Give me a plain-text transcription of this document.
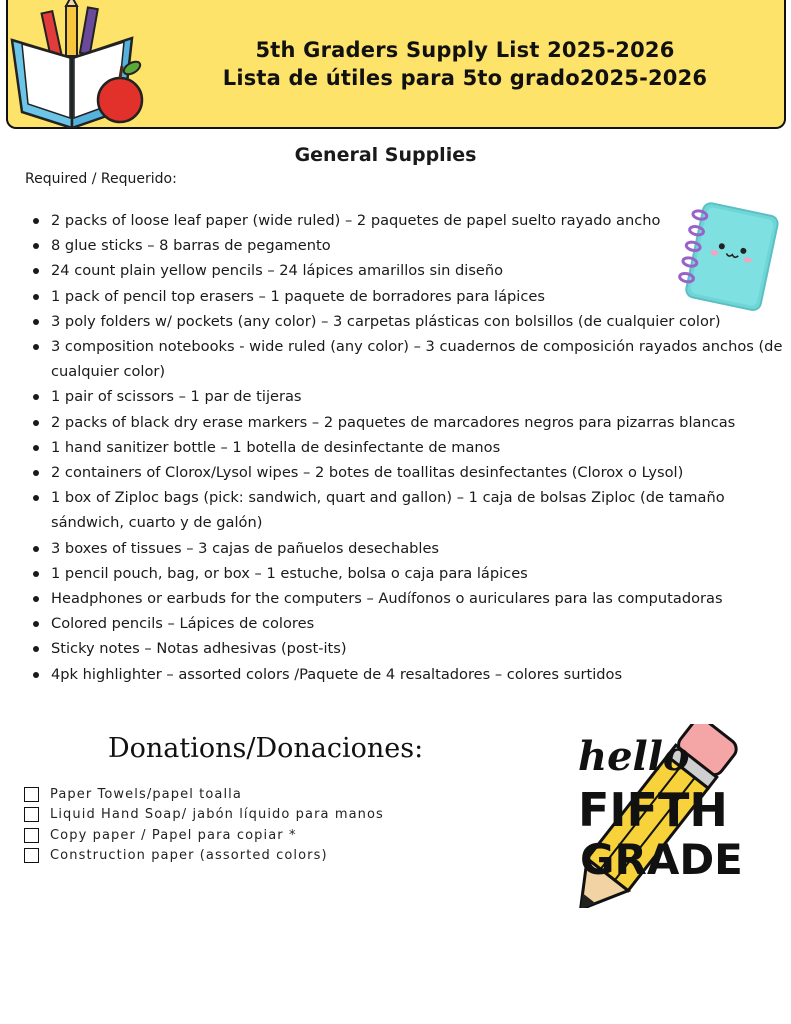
5th Graders Supply List 2025-2026
Lista de útiles para 5to grado2025-2026
General Supplies
Required / Requerido:
2 packs of loose leaf paper (wide ruled) – 2 paquetes de papel suelto rayado ancho
8 glue sticks – 8 barras de pegamento
24 count plain yellow pencils – 24 lápices amarillos sin diseño
1 pack of pencil top erasers – 1 paquete de borradores para lápices
3 poly folders w/ pockets (any color) – 3 carpetas plásticas con bolsillos (de cualquier color)
3 composition notebooks - wide ruled (any color) – 3 cuadernos de composición rayados anchos (de cualquier color)
1 pair of scissors – 1 par de tijeras
2 packs of black dry erase markers – 2 paquetes de marcadores negros para pizarras blancas
1 hand sanitizer bottle – 1 botella de desinfectante de manos
2 containers of Clorox/Lysol wipes – 2 botes de toallitas desinfectantes (Clorox o Lysol)
1 box of Ziploc bags (pick: sandwich, quart and gallon) – 1 caja de bolsas Ziploc (de tamaño sándwich, cuarto y de galón)
3 boxes of tissues – 3 cajas de pañuelos desechables
1 pencil pouch, bag, or box – 1 estuche, bolsa o caja para lápices
Headphones or earbuds for the computers – Audífonos o auriculares para las computadoras
Colored pencils – Lápices de colores
Sticky notes – Notas adhesivas (post-its)
4pk highlighter – assorted colors /Paquete de 4 resaltadores – colores surtidos
Donations/Donaciones:
Paper Towels/papel toalla
Liquid Hand Soap/ jabón líquido para manos
Copy paper / Papel para copiar *
Construction paper (assorted colors)
hello
FIFTH
GRADE
